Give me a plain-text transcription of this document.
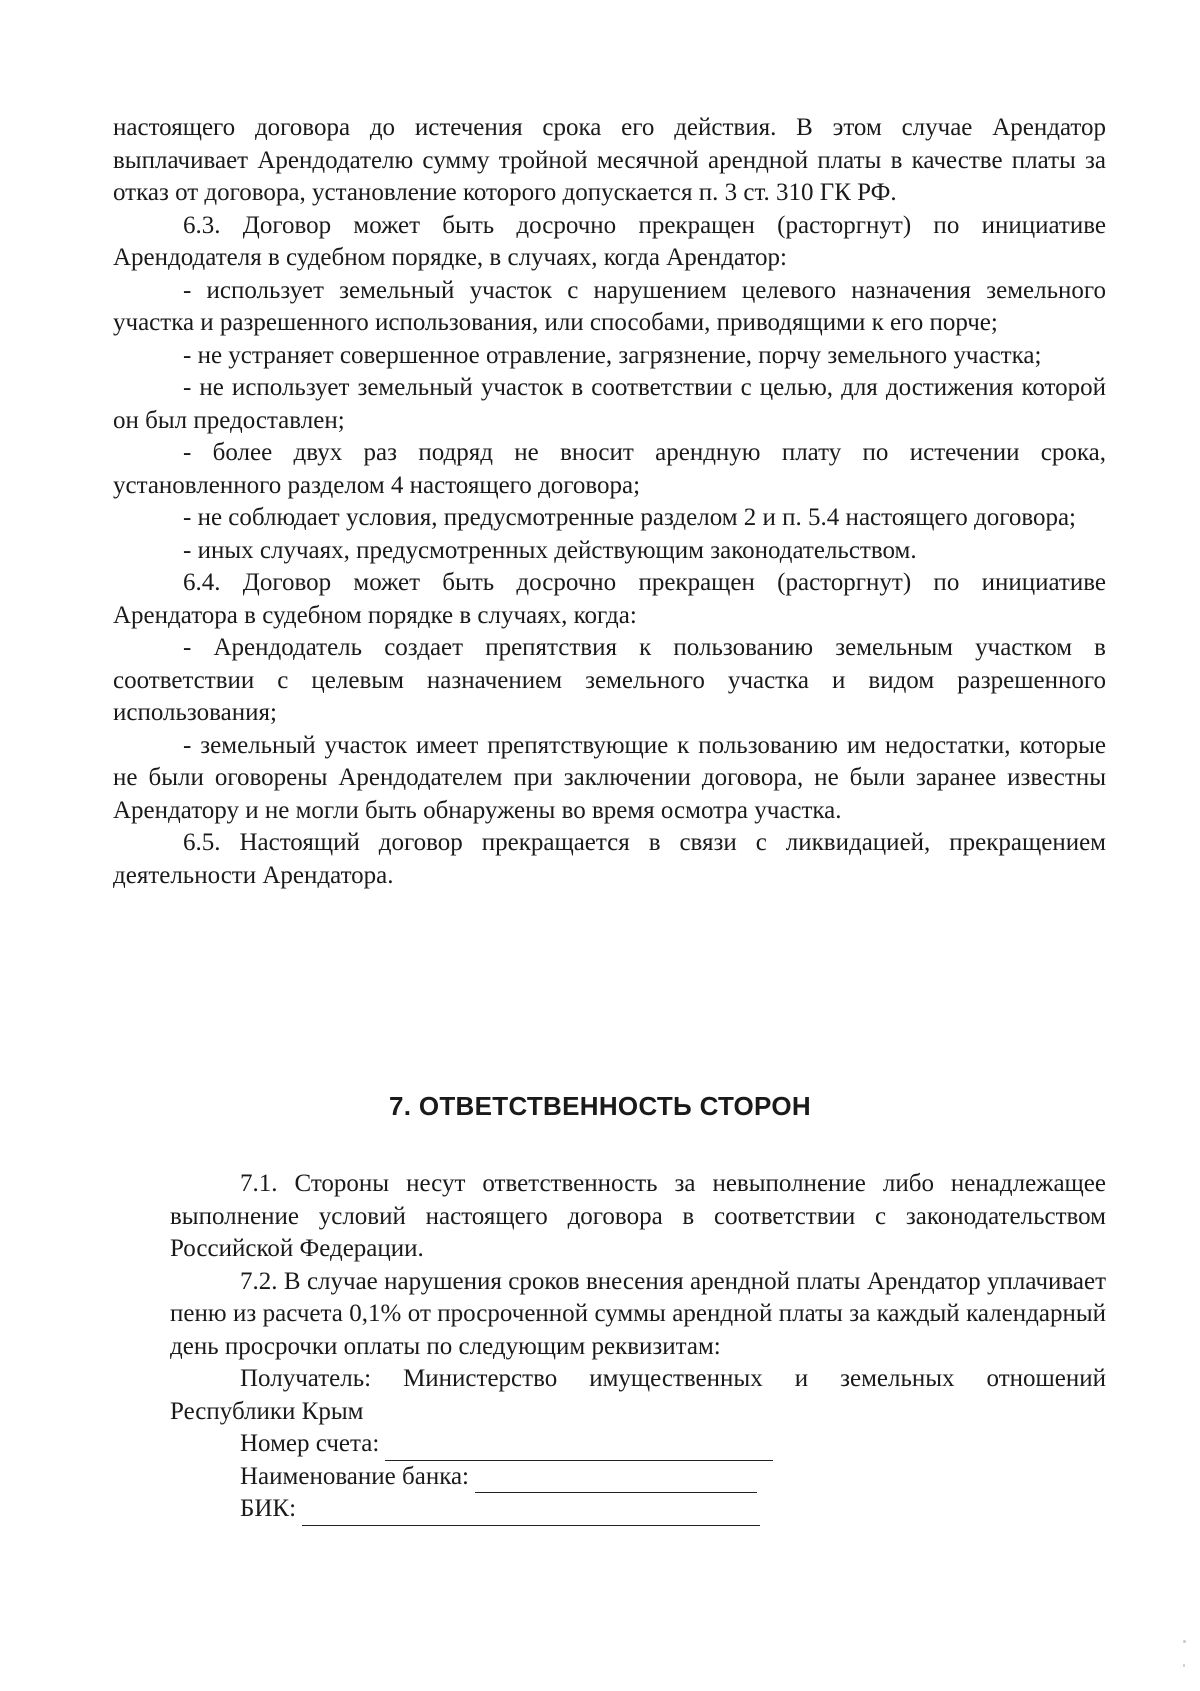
настоящего договора до истечения срока его действия. В этом случае Арендатор выплачивает Арендодателю сумму тройной месячной арендной платы в качестве платы за отказ от договора, установление которого допускается п. 3 ст. 310 ГК РФ.

6.3. Договор может быть досрочно прекращен (расторгнут) по инициативе Арендодателя в судебном порядке, в случаях, когда Арендатор:

- использует земельный участок с нарушением целевого назначения земельного участка и разрешенного использования, или способами, приводящими к его порче;

- не устраняет совершенное отравление, загрязнение, порчу земельного участка;

- не использует земельный участок в соответствии с целью, для достижения которой он был предоставлен;

- более двух раз подряд не вносит арендную плату по истечении срока, установленного разделом 4 настоящего договора;

- не соблюдает условия, предусмотренные разделом 2 и п. 5.4 настоящего договора;

- иных случаях, предусмотренных действующим законодательством.

6.4. Договор может быть досрочно прекращен (расторгнут) по инициативе Арендатора в судебном порядке в случаях, когда:

- Арендодатель создает препятствия к пользованию земельным участком в соответствии с целевым назначением земельного участка и видом разрешенного использования;

- земельный участок имеет препятствующие к пользованию им недостатки, которые не были оговорены Арендодателем при заключении договора, не были заранее известны Арендатору и не могли быть обнаружены во время осмотра участка.

6.5. Настоящий договор прекращается в связи с ликвидацией, прекращением деятельности Арендатора.

7. ОТВЕТСТВЕННОСТЬ СТОРОН

7.1. Стороны несут ответственность за невыполнение либо ненадлежащее выполнение условий настоящего договора в соответствии с законодательством Российской Федерации.

7.2. В случае нарушения сроков внесения арендной платы Арендатор уплачивает пеню из расчета 0,1% от просроченной суммы арендной платы за каждый календарный день просрочки оплаты по следующим реквизитам:

Получатель: Министерство имущественных и земельных отношений Республики Крым

Номер счета:
Наименование банка:
БИК:
